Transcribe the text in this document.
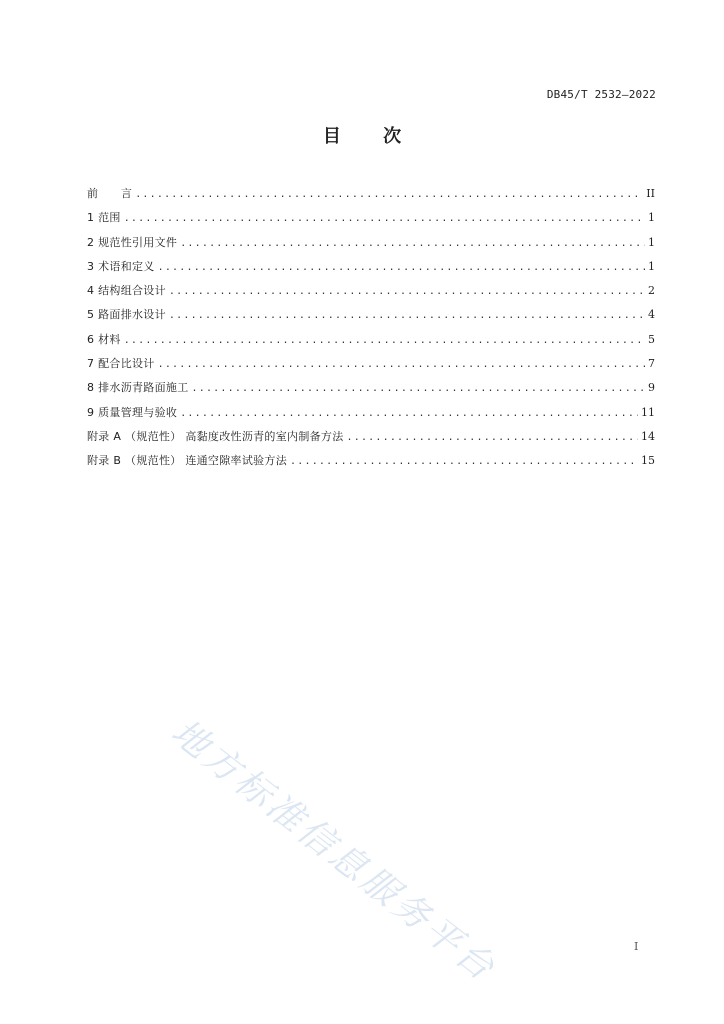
DB45/T 2532—2022
目 次
前　　言 .....	II
1 范围 .....	1
2 规范性引用文件 .....	1
3 术语和定义 .....	1
4 结构组合设计 .....	2
5 路面排水设计 .....	4
6 材料 .....	5
7 配合比设计 .....	7
8 排水沥青路面施工 .....	9
9 质量管理与验收 .....	11
附录 A （规范性） 高黏度改性沥青的室内制备方法 .....	14
附录 B （规范性） 连通空隙率试验方法 .....	15
地方标准信息服务平台	I
